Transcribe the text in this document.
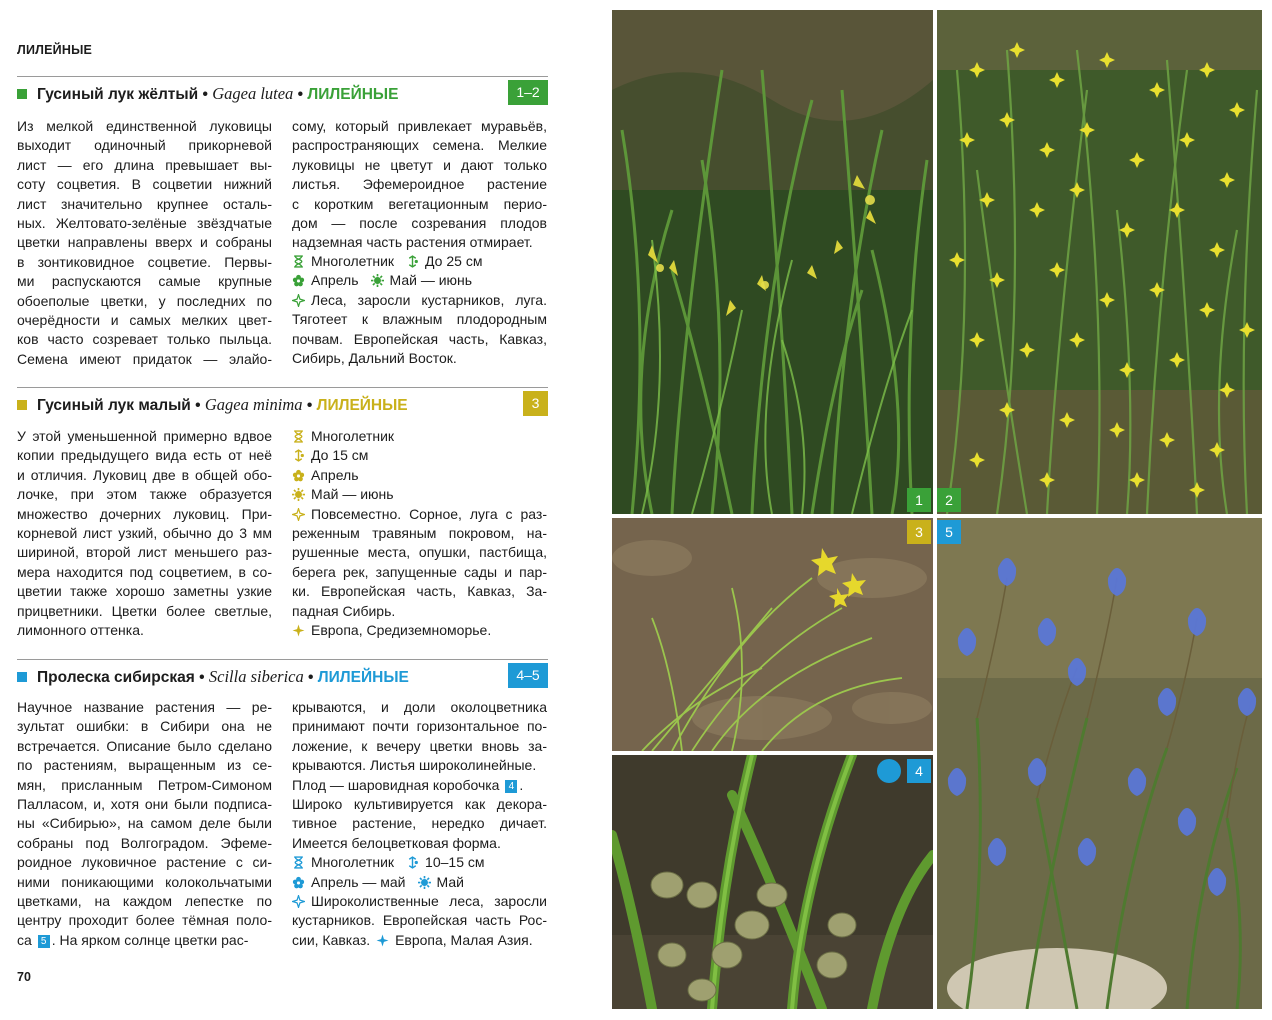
ЛИЛЕЙНЫЕ
Гусиный лук жёлтый • Gagea lutea • ЛИЛЕЙНЫЕ	1–2
Из мелкой единственной луковицы
выходит одиночный прикорневой
лист — его длина превышает вы-
соту соцветия. В соцветии нижний
лист значительно крупнее осталь-
ных. Желтовато-зелёные звёздчатые
цветки направлены вверх и собраны
в зонтиковидное соцветие. Первы-
ми распускаются самые крупные
обоеполые цветки, у последних по
очерёдности и самых мелких цвет-
ков часто созревает только пыльца.
Семена имеют придаток — элайо-
сому, который привлекает муравьёв,
распространяющих семена. Мелкие
луковицы не цветут и дают только
листья. Эфемероидное растение
с коротким вегетационным перио-
дом — после созревания плодов
надземная часть растения отмирает.
Многолетник До 25 см
Апрель Май — июнь
Леса, заросли кустарников, луга.
Тяготеет к влажным плодородным
почвам. Европейская часть, Кавказ,
Сибирь, Дальний Восток.
Гусиный лук малый • Gagea minima • ЛИЛЕЙНЫЕ	3
У этой уменьшенной примерно вдвое
копии предыдущего вида есть от неё
и отличия. Луковиц две в общей обо-
лочке, при этом также образуется
множество дочерних луковиц. При-
корневой лист узкий, обычно до 3 мм
шириной, второй лист меньшего раз-
мера находится под соцветием, в со-
цветии также хорошо заметны узкие
прицветники. Цветки более светлые,
лимонного оттенка.
Многолетник
До 15 см
Апрель
Май — июнь
Повсеместно. Сорное, луга с раз-
реженным травяным покровом, на-
рушенные места, опушки, пастбища,
берега рек, запущенные сады и пар-
ки. Европейская часть, Кавказ, За-
падная Сибирь.
Европа, Средиземноморье.
Пролеска сибирская • Scilla siberica • ЛИЛЕЙНЫЕ	4–5
Научное название растения — ре-
зультат ошибки: в Сибири она не
встречается. Описание было сделано
по растениям, выращенным из се-
мян, присланным Петром-Симоном
Палласом, и, хотя они были подписа-
ны «Сибирью», на самом деле были
собраны под Волгоградом. Эфеме-
роидное луковичное растение с си-
ними поникающими колокольчатыми
цветками, на каждом лепестке по
центру проходит более тёмная поло-
са 5 . На ярком солнце цветки рас-
крываются, и доли околоцветника
принимают почти горизонтальное по-
ложение, к вечеру цветки вновь за-
крываются. Листья широколинейные.
Плод — шаровидная коробочка 4 .
Широко культивируется как декора-
тивное растение, нередко дичает.
Имеется белоцветковая форма.
Многолетник 10–15 см
Апрель — май Май
Широколиственные леса, заросли
кустарников. Европейская часть Рос-
сии, Кавказ. Европа, Малая Азия.
70
1	2
3	5
4
